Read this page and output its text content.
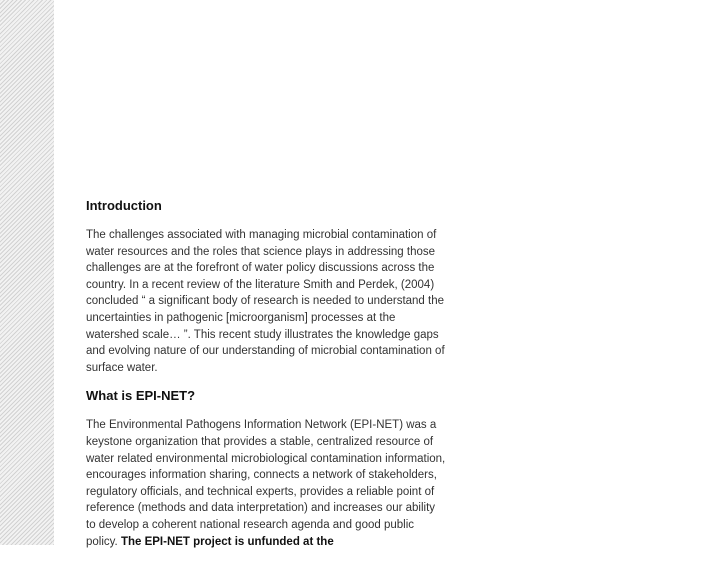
Introduction

The challenges associated with managing microbial contamination of water resources and the roles that science plays in addressing those challenges are at the forefront of water policy discussions across the country. In a recent review of the literature Smith and Perdek, (2004) concluded “ a significant body of research is needed to understand the uncertainties in pathogenic [microorganism] processes at the watershed scale… ”. This recent study illustrates the knowledge gaps and evolving nature of our understanding of microbial contamination of surface water.

What is EPI-NET?

The Environmental Pathogens Information Network (EPI-NET) was a keystone organization that provides a stable, centralized resource of water related environmental microbiological contamination information, encourages information sharing, connects a network of stakeholders, regulatory officials, and technical experts, provides a reliable point of reference (methods and data interpretation) and increases our ability to develop a coherent national research agenda and good public policy. The EPI-NET project is unfunded at the
